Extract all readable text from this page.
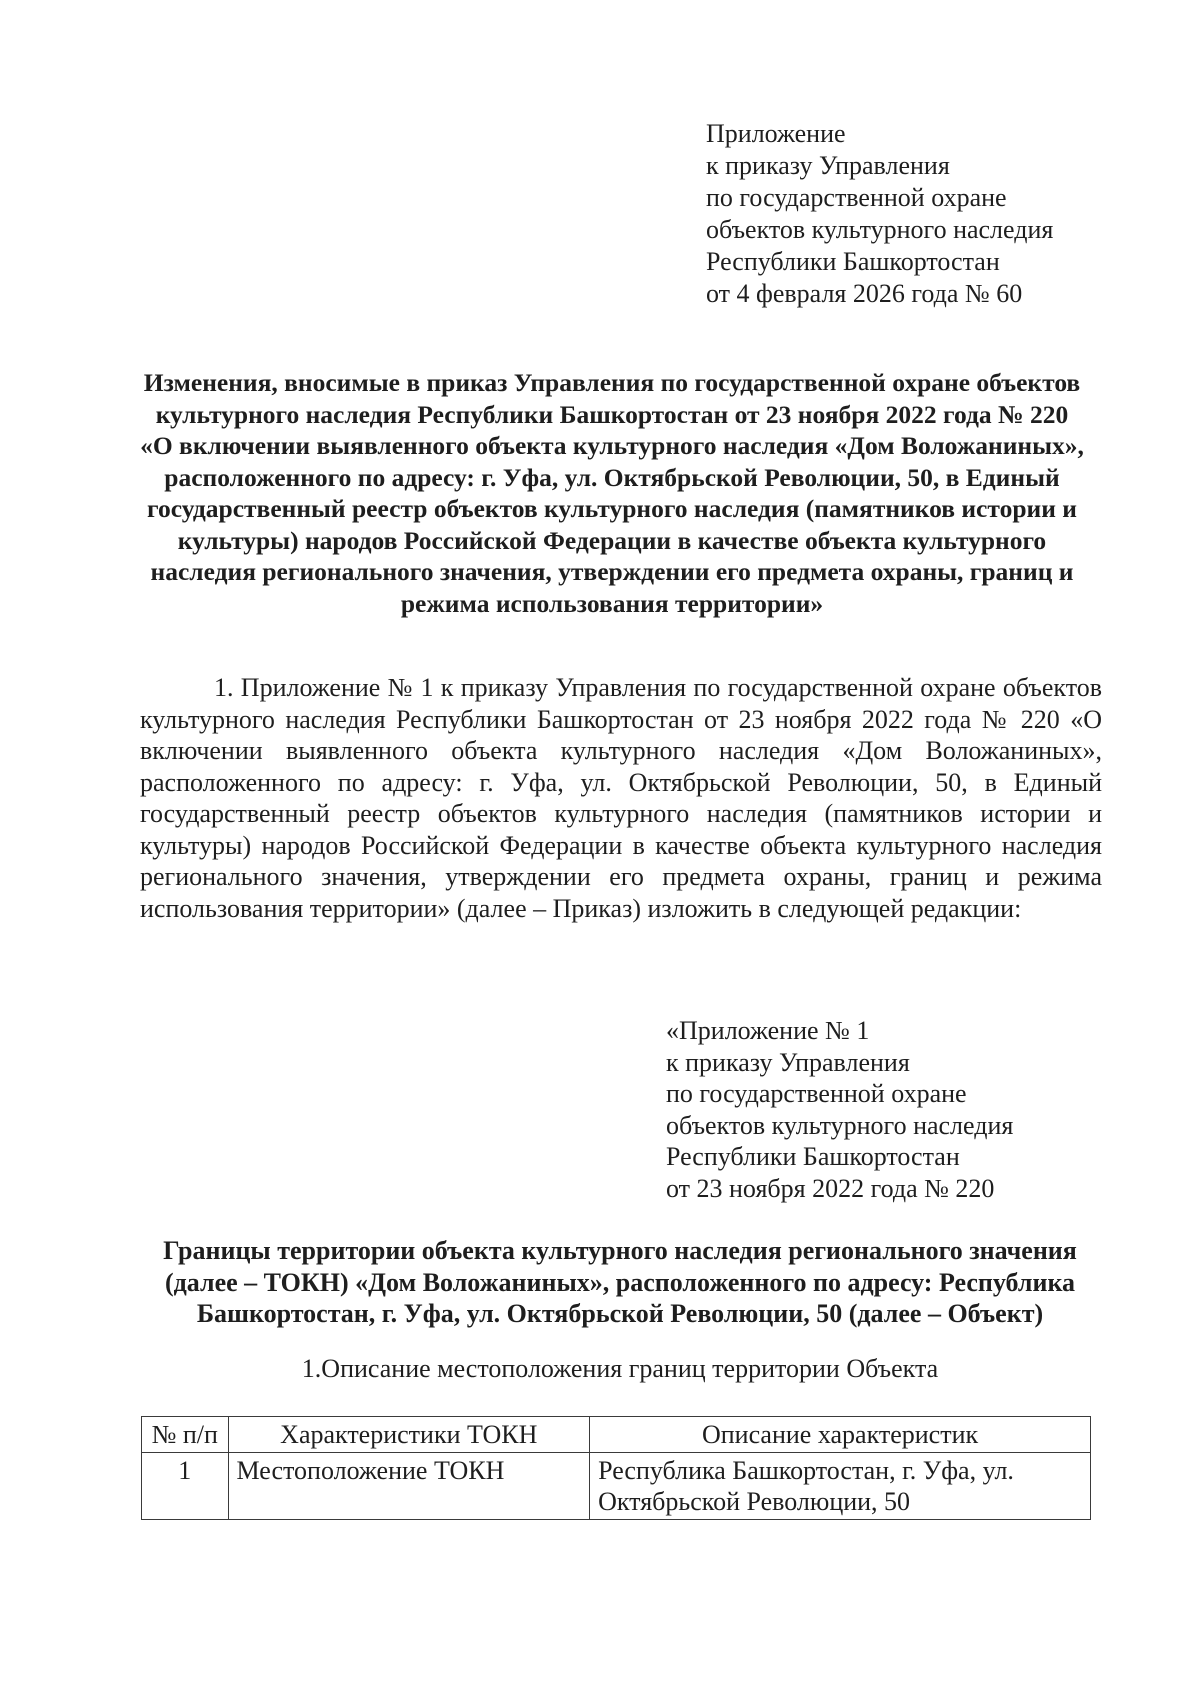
Приложение
к приказу Управления
по государственной охране
объектов культурного наследия
Республики Башкортостан
от 4 февраля 2026 года № 60
Изменения, вносимые в приказ Управления по государственной охране объектов культурного наследия Республики Башкортостан от 23 ноября 2022 года № 220 «О включении выявленного объекта культурного наследия «Дом Воложаниных», расположенного по адресу: г. Уфа, ул. Октябрьской Революции, 50, в Единый государственный реестр объектов культурного наследия (памятников истории и культуры) народов Российской Федерации в качестве объекта культурного наследия регионального значения, утверждении его предмета охраны, границ и режима использования территории»
1. Приложение № 1 к приказу Управления по государственной охране объектов культурного наследия Республики Башкортостан от 23 ноября 2022 года № 220 «О включении выявленного объекта культурного наследия «Дом Воложаниных», расположенного по адресу: г. Уфа, ул. Октябрьской Революции, 50, в Единый государственный реестр объектов культурного наследия (памятников истории и культуры) народов Российской Федерации в качестве объекта культурного наследия регионального значения, утверждении его предмета охраны, границ и режима использования территории» (далее – Приказ) изложить в следующей редакции:
«Приложение № 1
к приказу Управления
по государственной охране
объектов культурного наследия
Республики Башкортостан
от 23 ноября 2022 года № 220
Границы территории объекта культурного наследия регионального значения (далее – ТОКН) «Дом Воложаниных», расположенного по адресу: Республика Башкортостан, г. Уфа, ул. Октябрьской Революции, 50 (далее – Объект)
1.Описание местоположения границ территории Объекта
№ п/п	Характеристики ТОКН	Описание характеристик
1	Местоположение ТОКН	Республика Башкортостан, г. Уфа, ул. Октябрьской Революции, 50
